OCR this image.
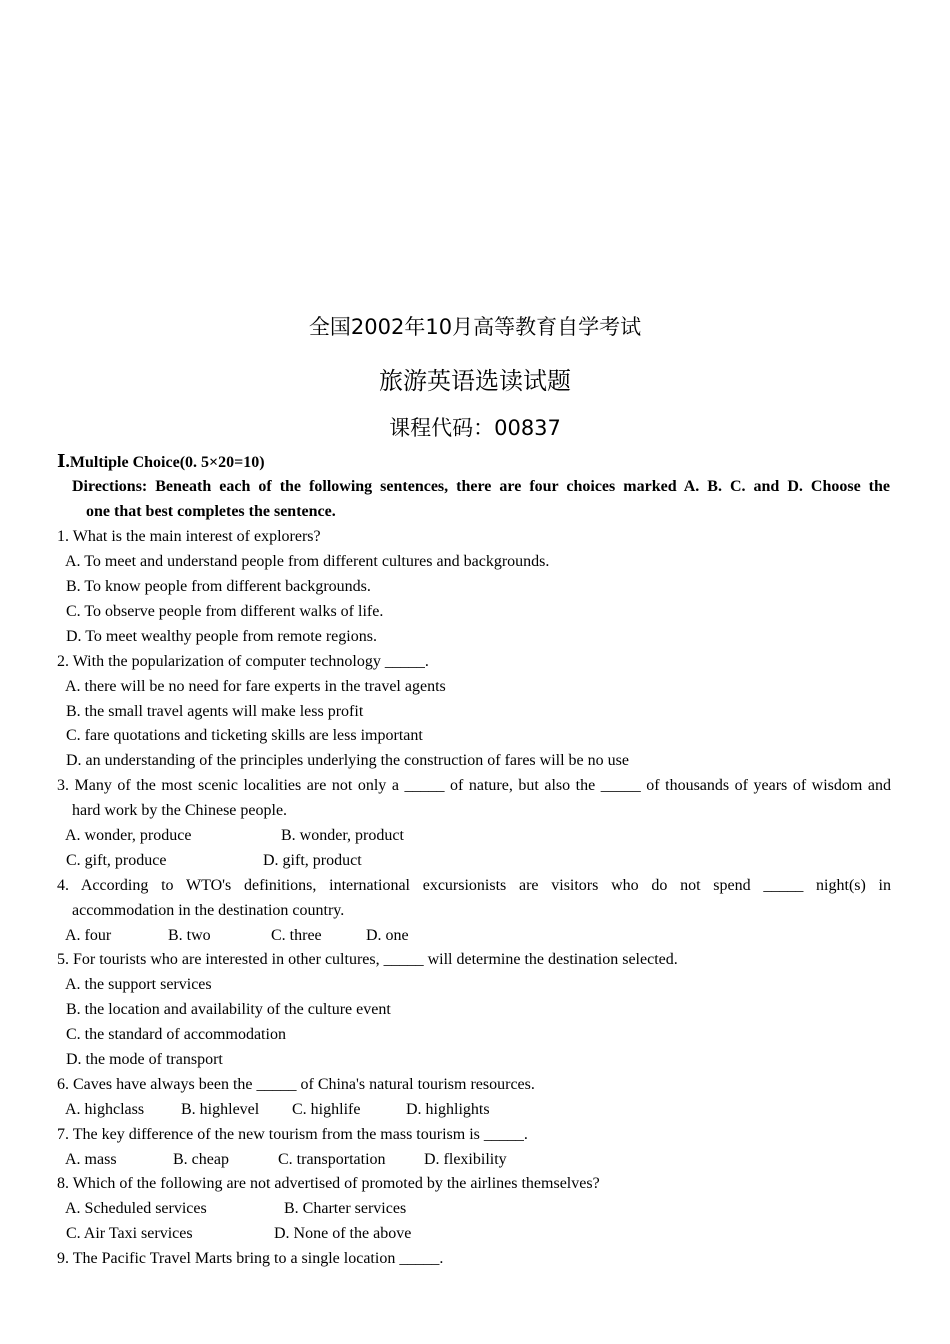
全国2002年10月高等教育自学考试
旅游英语选读试题
课程代码：00837
Ⅰ.Multiple Choice(0. 5×20=10)
Directions: Beneath each of the following sentences, there are four choices marked A. B. C. and D. Choose the
one that best completes the sentence.
1. What is the main interest of explorers?
A. To meet and understand people from different cultures and backgrounds.
B. To know people from different backgrounds.
C. To observe people from different walks of life.
D. To meet wealthy people from remote regions.
2. With the popularization of computer technology _____.
A. there will be no need for fare experts in the travel agents
B. the small travel agents will make less profit
C. fare quotations and ticketing skills are less important
D. an understanding of the principles underlying the construction of fares will be no use
3. Many of the most scenic localities are not only a _____ of nature, but also the _____ of thousands of years of wisdom and
hard work by the Chinese people.
A. wonder, produce	B. wonder, product
C. gift, produce	D. gift, product
4. According to WTO's definitions, international excursionists are visitors who do not spend _____ night(s) in
accommodation in the destination country.
A. four	B. two	C. three	D. one
5. For tourists who are interested in other cultures, _____ will determine the destination selected.
A. the support services
B. the location and availability of the culture event
C. the standard of accommodation
D. the mode of transport
6. Caves have always been the _____ of China's natural tourism resources.
A. highclass B. highlevel C. highlife	D. highlights
7. The key difference of the new tourism from the mass tourism is _____.
A. mass	B. cheap	C. transportation D. flexibility
8. Which of the following are not advertised of promoted by the airlines themselves?
A. Scheduled services	B. Charter services
C. Air Taxi services	D. None of the above
9. The Pacific Travel Marts bring to a single location _____.
